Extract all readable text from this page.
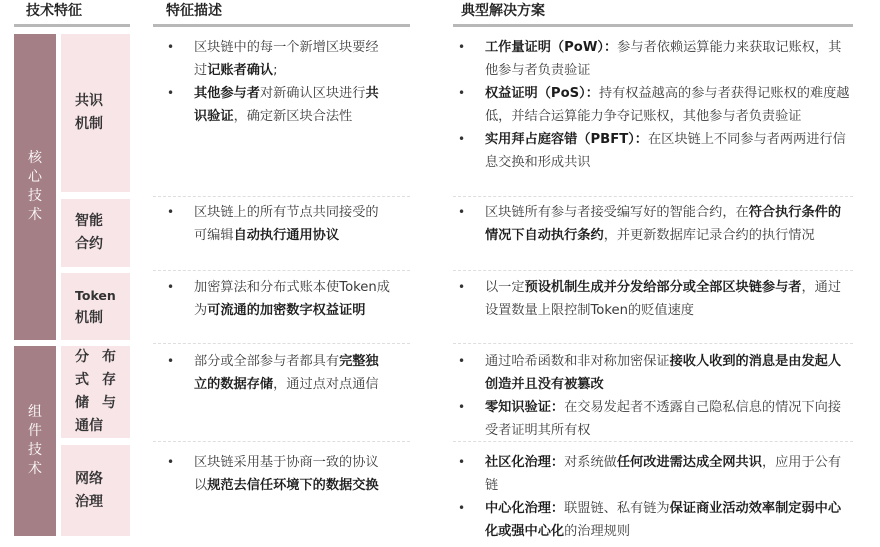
技术特征	特征描述	典型解决方案
核
心
技
术
组
件
技
术
共识
机制
智能
合约
Token
机制
分 布
式 存
储 与
通信
网络
治理
• 区块链中的每一个新增区块要经过记账者确认;
• 其他参与者对新确认区块进行共识验证，确定新区块合法性
• 区块链上的所有节点共同接受的可编辑自动执行通用协议
• 加密算法和分布式账本使Token成为可流通的加密数字权益证明
• 部分或全部参与者都具有完整独立的数据存储，通过点对点通信
• 区块链采用基于协商一致的协议以规范去信任环境下的数据交换
• 工作量证明（PoW）：参与者依赖运算能力来获取记账权，其他参与者负责验证
• 权益证明（PoS）：持有权益越高的参与者获得记账权的难度越低，并结合运算能力争夺记账权，其他参与者负责验证
• 实用拜占庭容错（PBFT）：在区块链上不同参与者两两进行信息交换和形成共识
• 区块链所有参与者接受编写好的智能合约，在符合执行条件的情况下自动执行条约，并更新数据库记录合约的执行情况
• 以一定预设机制生成并分发给部分或全部区块链参与者，通过设置数量上限控制Token的贬值速度
• 通过哈希函数和非对称加密保证接收人收到的消息是由发起人创造并且没有被篡改
• 零知识验证：在交易发起者不透露自己隐私信息的情况下向接受者证明其所有权
• 社区化治理：对系统做任何改进需达成全网共识，应用于公有链
• 中心化治理：联盟链、私有链为保证商业活动效率制定弱中心化或强中心化的治理规则
